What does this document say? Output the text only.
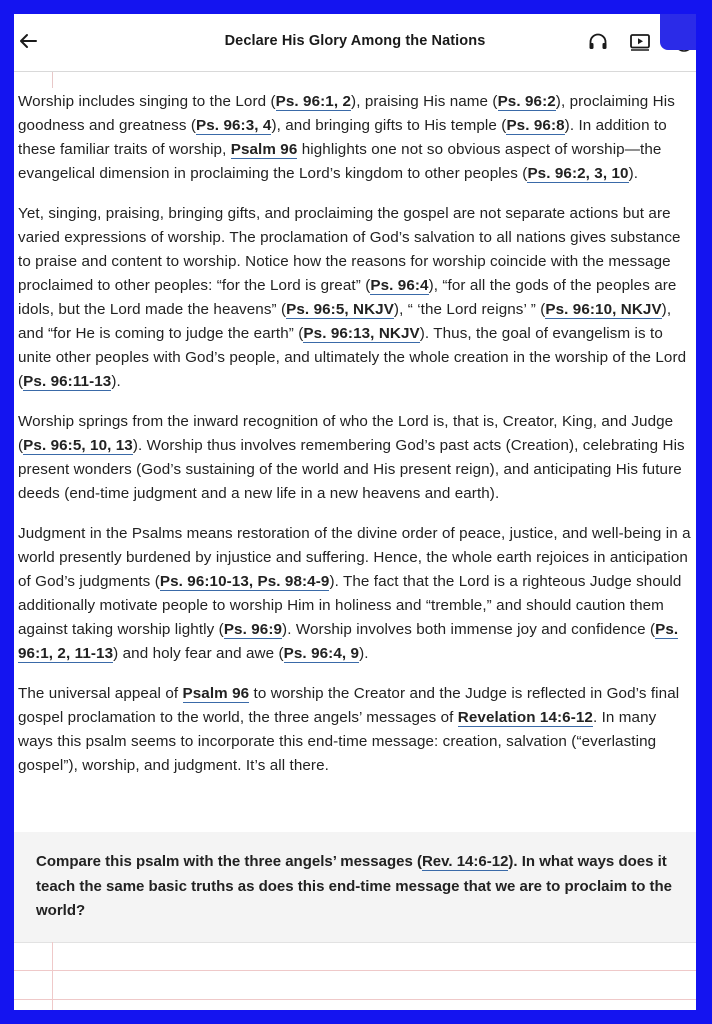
Declare His Glory Among the Nations

Worship includes singing to the Lord (Ps. 96:1, 2), praising His name (Ps. 96:2), proclaiming His goodness and greatness (Ps. 96:3, 4), and bringing gifts to His temple (Ps. 96:8). In addition to these familiar traits of worship, Psalm 96 highlights one not so obvious aspect of worship—the evangelical dimension in proclaiming the Lord’s kingdom to other peoples (Ps. 96:2, 3, 10).

Yet, singing, praising, bringing gifts, and proclaiming the gospel are not separate actions but are varied expressions of worship. The proclamation of God’s salvation to all nations gives substance to praise and content to worship. Notice how the reasons for worship coincide with the message proclaimed to other peoples: “for the Lord is great” (Ps. 96:4), “for all the gods of the peoples are idols, but the Lord made the heavens” (Ps. 96:5, NKJV), “ ‘the Lord reigns’ ” (Ps. 96:10, NKJV), and “for He is coming to judge the earth” (Ps. 96:13, NKJV). Thus, the goal of evangelism is to unite other peoples with God’s people, and ultimately the whole creation in the worship of the Lord (Ps. 96:11-13).

Worship springs from the inward recognition of who the Lord is, that is, Creator, King, and Judge (Ps. 96:5, 10, 13). Worship thus involves remembering God’s past acts (Creation), celebrating His present wonders (God’s sustaining of the world and His present reign), and anticipating His future deeds (end-time judgment and a new life in a new heavens and earth).

Judgment in the Psalms means restoration of the divine order of peace, justice, and well-being in a world presently burdened by injustice and suffering. Hence, the whole earth rejoices in anticipation of God’s judgments (Ps. 96:10-13, Ps. 98:4-9). The fact that the Lord is a righteous Judge should additionally motivate people to worship Him in holiness and “tremble,” and should caution them against taking worship lightly (Ps. 96:9). Worship involves both immense joy and confidence (Ps. 96:1, 2, 11-13) and holy fear and awe (Ps. 96:4, 9).

The universal appeal of Psalm 96 to worship the Creator and the Judge is reflected in God’s final gospel proclamation to the world, the three angels’ messages of Revelation 14:6-12. In many ways this psalm seems to incorporate this end-time message: creation, salvation (“everlasting gospel”), worship, and judgment. It’s all there.

Compare this psalm with the three angels’ messages (Rev. 14:6-12). In what ways does it teach the same basic truths as does this end-time message that we are to proclaim to the world?
